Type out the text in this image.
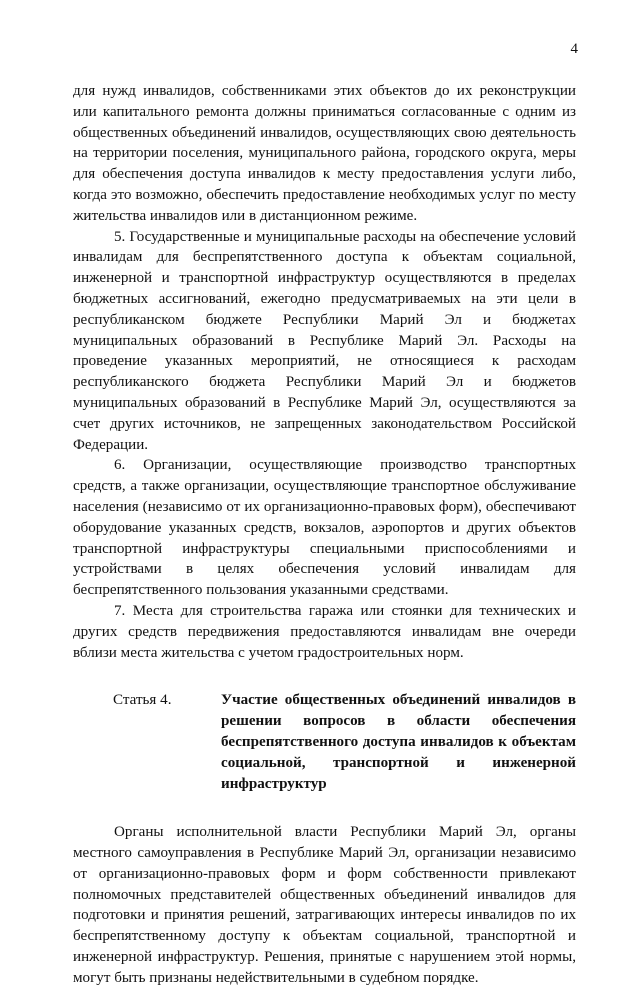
4

для нужд инвалидов, собственниками этих объектов до их реконструкции или капитального ремонта должны приниматься согласованные с одним из общественных объединений инвалидов, осуществляющих свою деятельность на территории поселения, муниципального района, городского округа, меры для обеспечения доступа инвалидов к месту предоставления услуги либо, когда это возможно, обеспечить предоставление необходимых услуг по месту жительства инвалидов или в дистанционном режиме.

5. Государственные и муниципальные расходы на обеспечение условий инвалидам для беспрепятственного доступа к объектам социальной, инженерной и транспортной инфраструктур осуществляются в пределах бюджетных ассигнований, ежегодно предусматриваемых на эти цели в республиканском бюджете Республики Марий Эл и бюджетах муниципальных образований в Республике Марий Эл. Расходы на проведение указанных мероприятий, не относящиеся к расходам республиканского бюджета Республики Марий Эл и бюджетов муниципальных образований в Республике Марий Эл, осуществляются за счет других источников, не запрещенных законодательством Российской Федерации.

6. Организации, осуществляющие производство транспортных средств, а также организации, осуществляющие транспортное обслуживание населения (независимо от их организационно-правовых форм), обеспечивают оборудование указанных средств, вокзалов, аэропортов и других объектов транспортной инфраструктуры специальными приспособлениями и устройствами в целях обеспечения условий инвалидам для беспрепятственного пользования указанными средствами.

7. Места для строительства гаража или стоянки для технических и других средств передвижения предоставляются инвалидам вне очереди вблизи места жительства с учетом градостроительных норм.

Статья 4.	Участие общественных объединений инвалидов в решении вопросов в области обеспечения беспрепятственного доступа инвалидов к объектам социальной, транспортной и инженерной инфраструктур

Органы исполнительной власти Республики Марий Эл, органы местного самоуправления в Республике Марий Эл, организации независимо от организационно-правовых форм и форм собственности привлекают полномочных представителей общественных объединений инвалидов для подготовки и принятия решений, затрагивающих интересы инвалидов по их беспрепятственному доступу к объектам социальной, транспортной и инженерной инфраструктур. Решения, принятые с нарушением этой нормы, могут быть признаны недействительными в судебном порядке.
